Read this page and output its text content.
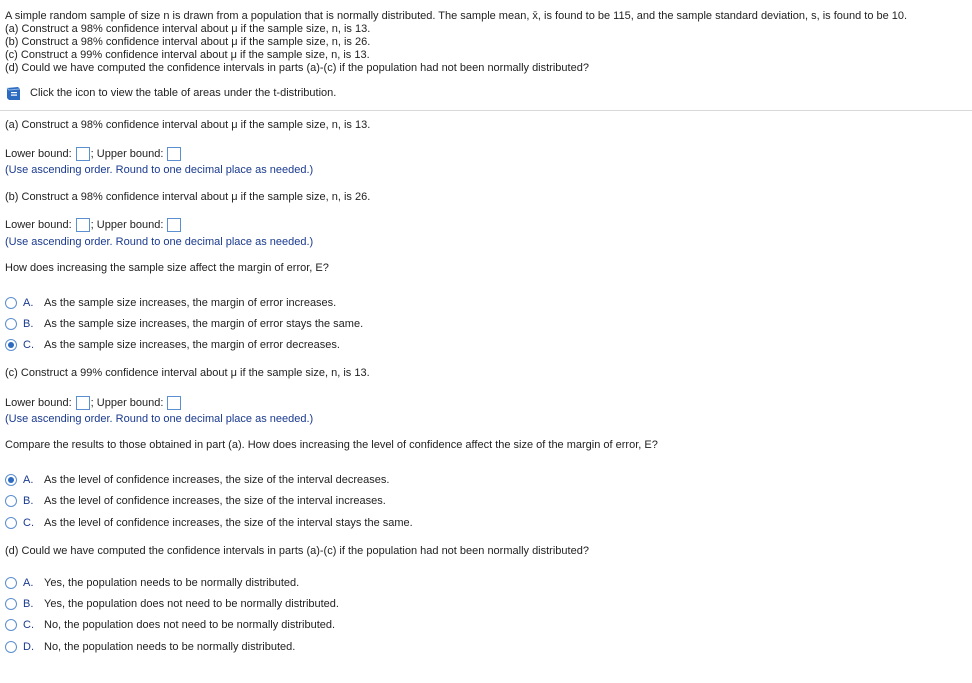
A simple random sample of size n is drawn from a population that is normally distributed. The sample mean, x̄, is found to be 115, and the sample standard deviation, s, is found to be 10.
(a) Construct a 98% confidence interval about μ if the sample size, n, is 13.
(b) Construct a 98% confidence interval about μ if the sample size, n, is 26.
(c) Construct a 99% confidence interval about μ if the sample size, n, is 13.
(d) Could we have computed the confidence intervals in parts (a)-(c) if the population had not been normally distributed?
Click the icon to view the table of areas under the t-distribution.
(a) Construct a 98% confidence interval about μ if the sample size, n, is 13.
Lower bound: ; Upper bound:
(Use ascending order. Round to one decimal place as needed.)
(b) Construct a 98% confidence interval about μ if the sample size, n, is 26.
Lower bound: ; Upper bound:
(Use ascending order. Round to one decimal place as needed.)
How does increasing the sample size affect the margin of error, E?
A. As the sample size increases, the margin of error increases.
B. As the sample size increases, the margin of error stays the same.
C. As the sample size increases, the margin of error decreases.
(c) Construct a 99% confidence interval about μ if the sample size, n, is 13.
Lower bound: ; Upper bound:
(Use ascending order. Round to one decimal place as needed.)
Compare the results to those obtained in part (a). How does increasing the level of confidence affect the size of the margin of error, E?
A. As the level of confidence increases, the size of the interval decreases.
B. As the level of confidence increases, the size of the interval increases.
C. As the level of confidence increases, the size of the interval stays the same.
(d) Could we have computed the confidence intervals in parts (a)-(c) if the population had not been normally distributed?
A. Yes, the population needs to be normally distributed.
B. Yes, the population does not need to be normally distributed.
C. No, the population does not need to be normally distributed.
D. No, the population needs to be normally distributed.
